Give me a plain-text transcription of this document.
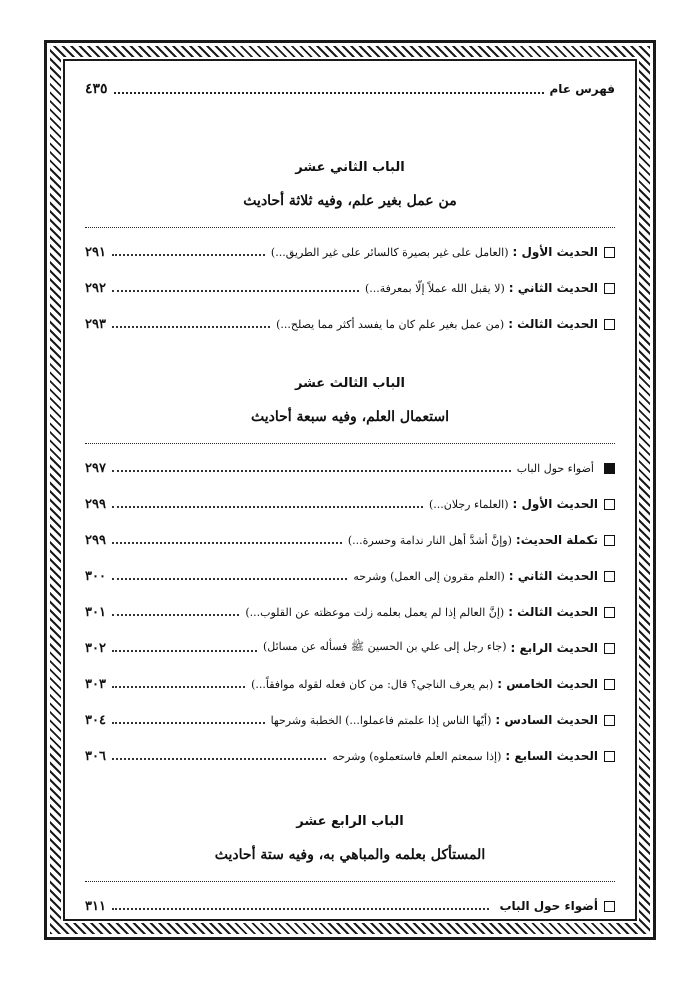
فهرس عام
٤٣٥
الباب الثاني عشر
من عمل بغير علم، وفيه ثلاثة أحاديث
الحديث الأول :
(العامل على غير بصيرة كالسائر على غير الطريق...)
٢٩١
الحديث الثاني :
(لا يقبل الله عملاً إلّا بمعرفة...)
٢٩٢
الحديث الثالث :
(من عمل بغير علم كان ما يفسد أكثر مما يصلح...)
٢٩٣
الباب الثالث عشر
استعمال العلم، وفيه سبعة أحاديث
أضواء حول الباب
٢٩٧
الحديث الأول :
(العلماء رجلان...)
٢٩٩
تكملة الحديث:
(وإنَّ أشدَّ أهل النار ندامة وحسرة...)
٢٩٩
الحديث الثاني :
(العلم مقرون إلى العمل) وشرحه
٣٠٠
الحديث الثالث :
(إنَّ العالم إذا لم يعمل بعلمه زلت موعظته عن القلوب...)
٣٠١
الحديث الرابع :
(جاء رجل إلى علي بن الحسين ﷺ فسأله عن مسائل)
٣٠٢
الحديث الخامس :
(بم يعرف الناجي؟ قال: من كان فعله لقوله موافقاً...)
٣٠٣
الحديث السادس :
(أيّها الناس إذا علمتم فاعملوا...) الخطبة وشرحها
٣٠٤
الحديث السابع :
(إذا سمعتم العلم فاستعملوه) وشرحه
٣٠٦
الباب الرابع عشر
المستأكل بعلمه والمباهي به، وفيه ستة أحاديث
أضواء حول الباب
٣١١
